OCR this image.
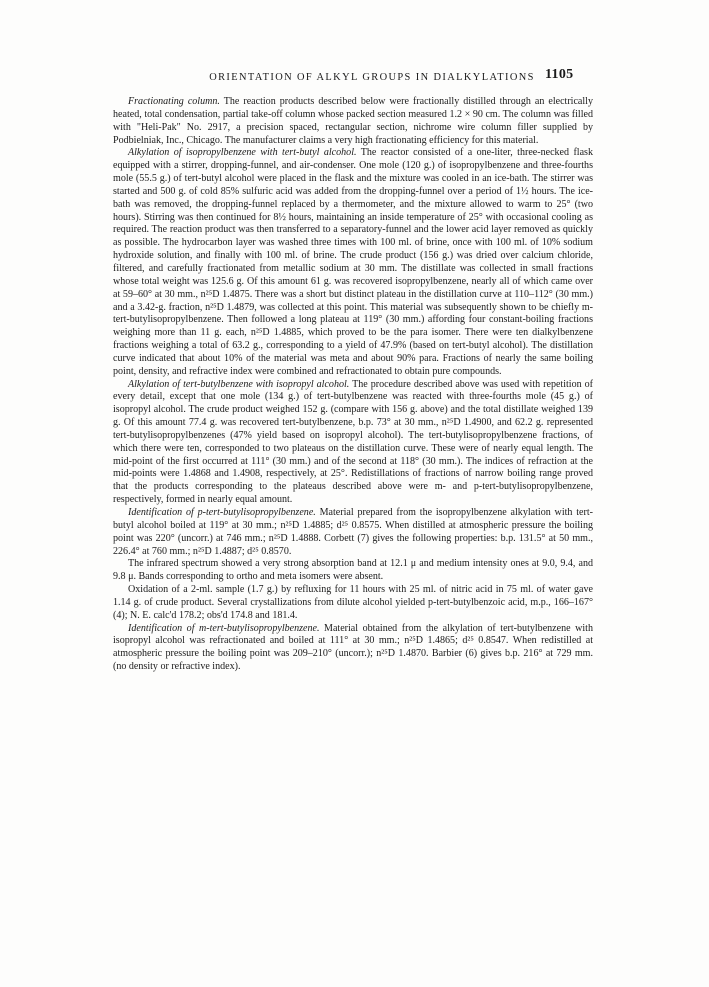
ORIENTATION OF ALKYL GROUPS IN DIALKYLATIONS 1105

Fractionating column. The reaction products described below were fractionally distilled through an electrically heated, total condensation, partial take-off column whose packed section measured 1.2 × 90 cm. The column was filled with "Heli-Pak" No. 2917, a precision spaced, rectangular section, nichrome wire column filler supplied by Podbielniak, Inc., Chicago. The manufacturer claims a very high fractionating efficiency for this material.

Alkylation of isopropylbenzene with tert-butyl alcohol. The reactor consisted of a one-liter, three-necked flask equipped with a stirrer, dropping-funnel, and air-condenser. One mole (120 g.) of isopropylbenzene and three-fourths mole (55.5 g.) of tert-butyl alcohol were placed in the flask and the mixture was cooled in an ice-bath. The stirrer was started and 500 g. of cold 85% sulfuric acid was added from the dropping-funnel over a period of 1½ hours. The ice-bath was removed, the dropping-funnel replaced by a thermometer, and the mixture allowed to warm to 25° (two hours). Stirring was then continued for 8½ hours, maintaining an inside temperature of 25° with occasional cooling as required. The reaction product was then transferred to a separatory-funnel and the lower acid layer removed as quickly as possible. The hydrocarbon layer was washed three times with 100 ml. of brine, once with 100 ml. of 10% sodium hydroxide solution, and finally with 100 ml. of brine. The crude product (156 g.) was dried over calcium chloride, filtered, and carefully fractionated from metallic sodium at 30 mm. The distillate was collected in small fractions whose total weight was 125.6 g. Of this amount 61 g. was recovered isopropylbenzene, nearly all of which came over at 59–60° at 30 mm., n²⁵D 1.4875. There was a short but distinct plateau in the distillation curve at 110–112° (30 mm.) and a 3.42-g. fraction, n²⁵D 1.4879, was collected at this point. This material was subsequently shown to be chiefly m-tert-butylisopropylbenzene. Then followed a long plateau at 119° (30 mm.) affording four constant-boiling fractions weighing more than 11 g. each, n²⁵D 1.4885, which proved to be the para isomer. There were ten dialkylbenzene fractions weighing a total of 63.2 g., corresponding to a yield of 47.9% (based on tert-butyl alcohol). The distillation curve indicated that about 10% of the material was meta and about 90% para. Fractions of nearly the same boiling point, density, and refractive index were combined and refractionated to obtain pure compounds.

Alkylation of tert-butylbenzene with isopropyl alcohol. The procedure described above was used with repetition of every detail, except that one mole (134 g.) of tert-butylbenzene was reacted with three-fourths mole (45 g.) of isopropyl alcohol. The crude product weighed 152 g. (compare with 156 g. above) and the total distillate weighed 139 g. Of this amount 77.4 g. was recovered tert-butylbenzene, b.p. 73° at 30 mm., n²⁵D 1.4900, and 62.2 g. represented tert-butylisopropylbenzenes (47% yield based on isopropyl alcohol). The tert-butylisopropylbenzene fractions, of which there were ten, corresponded to two plateaus on the distillation curve. These were of nearly equal length. The mid-point of the first occurred at 111° (30 mm.) and of the second at 118° (30 mm.). The indices of refraction at the mid-points were 1.4868 and 1.4908, respectively, at 25°. Redistillations of fractions of narrow boiling range proved that the products corresponding to the plateaus described above were m- and p-tert-butylisopropylbenzene, respectively, formed in nearly equal amount.

Identification of p-tert-butylisopropylbenzene. Material prepared from the isopropylbenzene alkylation with tert-butyl alcohol boiled at 119° at 30 mm.; n²⁵D 1.4885; d²⁵ 0.8575. When distilled at atmospheric pressure the boiling point was 220° (uncorr.) at 746 mm.; n²⁵D 1.4888. Corbett (7) gives the following properties: b.p. 131.5° at 50 mm., 226.4° at 760 mm.; n²⁵D 1.4887; d²⁵ 0.8570.

The infrared spectrum showed a very strong absorption band at 12.1 μ and medium intensity ones at 9.0, 9.4, and 9.8 μ. Bands corresponding to ortho and meta isomers were absent.

Oxidation of a 2-ml. sample (1.7 g.) by refluxing for 11 hours with 25 ml. of nitric acid in 75 ml. of water gave 1.14 g. of crude product. Several crystallizations from dilute alcohol yielded p-tert-butylbenzoic acid, m.p., 166–167° (4); N. E. calc'd 178.2; obs'd 174.8 and 181.4.

Identification of m-tert-butylisopropylbenzene. Material obtained from the alkylation of tert-butylbenzene with isopropyl alcohol was refractionated and boiled at 111° at 30 mm.; n²⁵D 1.4865; d²⁵ 0.8547. When redistilled at atmospheric pressure the boiling point was 209–210° (uncorr.); n²⁵D 1.4870. Barbier (6) gives b.p. 216° at 729 mm. (no density or refractive index).
